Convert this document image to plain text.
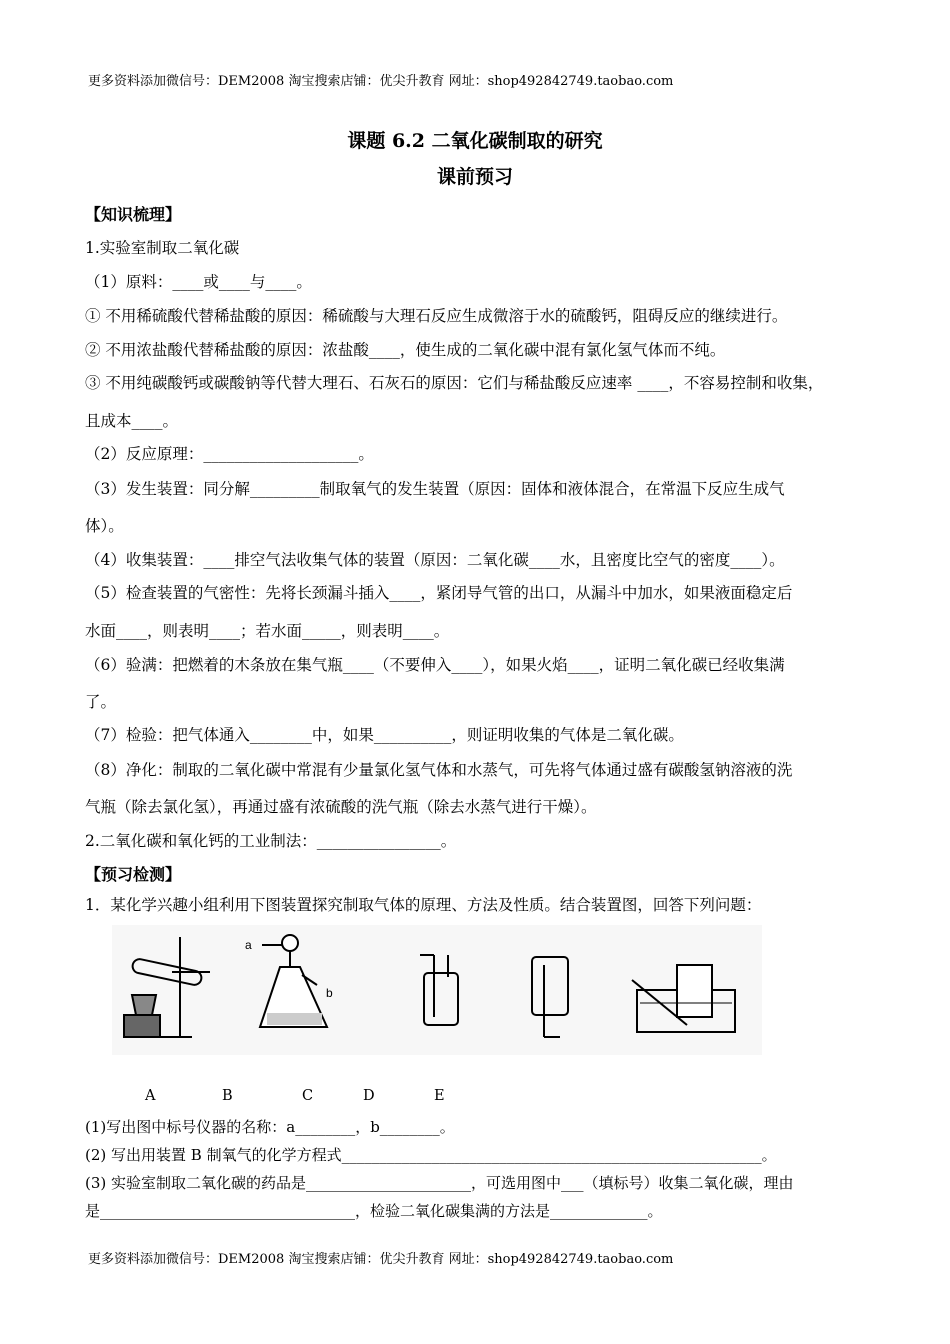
更多资料添加微信号：DEM2008 淘宝搜索店铺：优尖升教育 网址：shop492842749.taobao.com
课题 6.2 二氧化碳制取的研究
课前预习
【知识梳理】
1.实验室制取二氧化碳
（1）原料：____或____与____。
① 不用稀硫酸代替稀盐酸的原因：稀硫酸与大理石反应生成微溶于水的硫酸钙，阻碍反应的继续进行。
② 不用浓盐酸代替稀盐酸的原因：浓盐酸____，使生成的二氧化碳中混有氯化氢气体而不纯。
③ 不用纯碳酸钙或碳酸钠等代替大理石、石灰石的原因：它们与稀盐酸反应速率 ____，不容易控制和收集，
且成本____。
（2）反应原理：____________________。
（3）发生装置：同分解_________制取氧气的发生装置（原因：固体和液体混合，在常温下反应生成气
体）。
（4）收集装置：____排空气法收集气体的装置（原因：二氧化碳____水，且密度比空气的密度____）。
（5）检查装置的气密性：先将长颈漏斗插入____，紧闭导气管的出口，从漏斗中加水，如果液面稳定后
水面____，则表明____；若水面_____，则表明____。
（6）验满：把燃着的木条放在集气瓶____（不要伸入____），如果火焰____，证明二氧化碳已经收集满
了。
（7）检验：把气体通入________中，如果__________，则证明收集的气体是二氧化碳。
（8）净化：制取的二氧化碳中常混有少量氯化氢气体和水蒸气，可先将气体通过盛有碳酸氢钠溶液的洗
气瓶（除去氯化氢），再通过盛有浓硫酸的洗气瓶（除去水蒸气进行干燥）。
2.二氧化碳和氧化钙的工业制法：________________。
【预习检测】
1．某化学兴趣小组利用下图装置探究制取气体的原理、方法及性质。结合装置图，回答下列问题：
a
b
A	B	C	D	E
(1)写出图中标号仪器的名称：a________，b________。
(2) 写出用装置 B 制氧气的化学方程式________________________________________________________。
(3) 实验室制取二氧化碳的药品是______________________，可选用图中___（填标号）收集二氧化碳，理由
是__________________________________，检验二氧化碳集满的方法是_____________。
更多资料添加微信号：DEM2008 淘宝搜索店铺：优尖升教育 网址：shop492842749.taobao.com
